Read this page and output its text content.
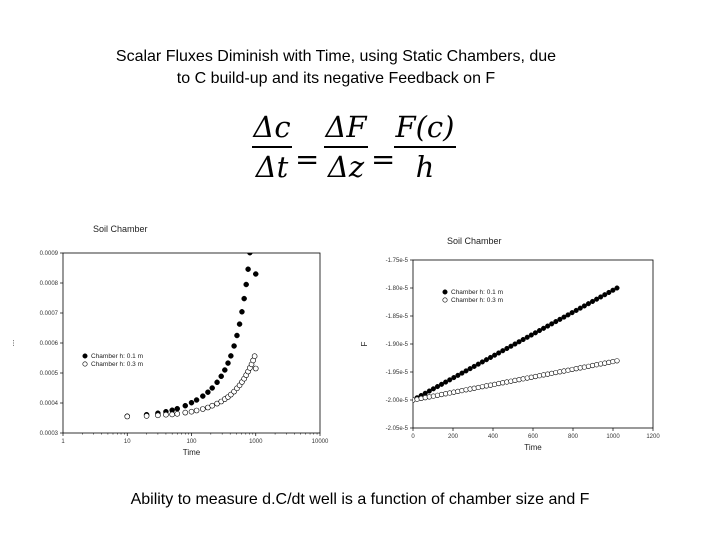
Scalar Fluxes Diminish with Time, using Static Chambers, due
to C build-up and its negative Feedback on F
Δc
Δt =
ΔF
Δz =
F(c)
h
Soil Chamber
1	10	100	1000	10000
0.0003
0.0004
0.0005
0.0006
0.0007
0.0008
0.0009
Time
...
Chamber h: 0.1 m
Chamber h: 0.3 m
Soil Chamber
0	200	400	600	800	1000	1200
-2.05e-5
-2.00e-5
-1.95e-5
-1.90e-5
-1.85e-5
-1.80e-5
-1.75e-5
Time
F
Chamber h: 0.1 m
Chamber h: 0.3 m
Ability to measure d.C/dt well is a function of chamber size and F
